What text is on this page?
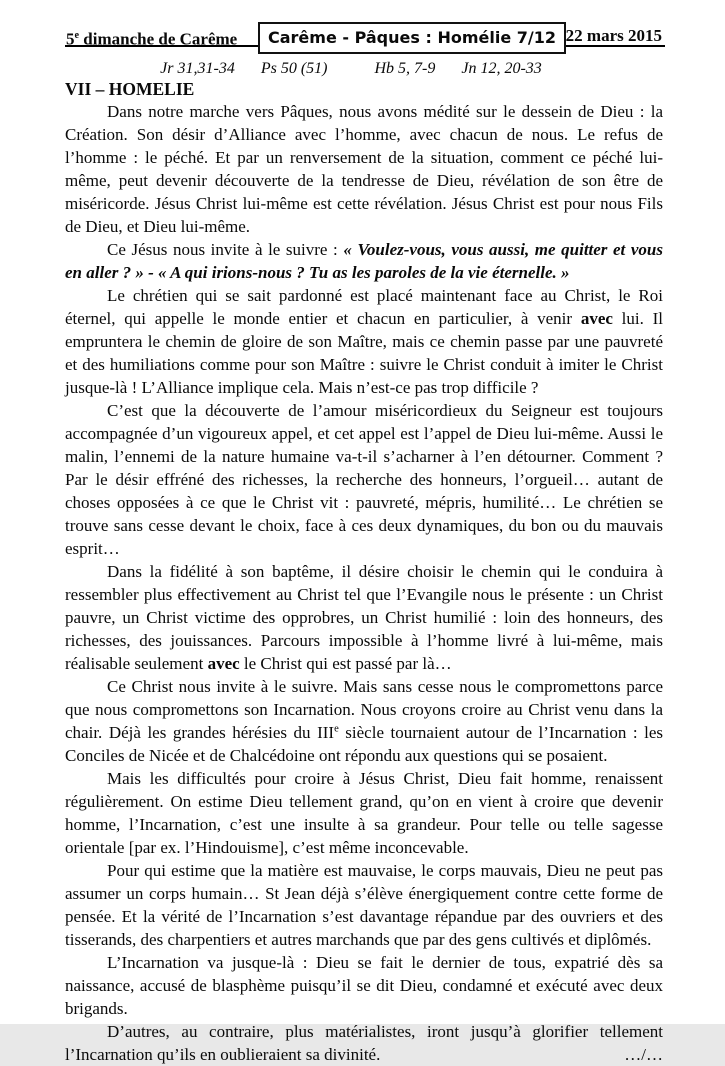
5e dimanche de Carême	Carême - Pâques : Homélie 7/12 22 mars 2015
Jr 31,31-34 Ps 50 (51)	Hb 5, 7-9 Jn 12, 20-33
VII – HOMELIE

Dans notre marche vers Pâques, nous avons médité sur le dessein de Dieu : la Création. Son désir d’Alliance avec l’homme, avec chacun de nous. Le refus de l’homme : le péché. Et par un renversement de la situation, comment ce péché lui-même, peut devenir découverte de la tendresse de Dieu, révélation de son être de miséricorde. Jésus Christ lui-même est cette révélation. Jésus Christ est pour nous Fils de Dieu, et Dieu lui-même.

Ce Jésus nous invite à le suivre : « Voulez-vous, vous aussi, me quitter et vous en aller ? » - « A qui irions-nous ? Tu as les paroles de la vie éternelle. »

Le chrétien qui se sait pardonné est placé maintenant face au Christ, le Roi éternel, qui appelle le monde entier et chacun en particulier, à venir avec lui. Il empruntera le chemin de gloire de son Maître, mais ce chemin passe par une pauvreté et des humiliations comme pour son Maître : suivre le Christ conduit à imiter le Christ jusque-là ! L’Alliance implique cela. Mais n’est-ce pas trop difficile ?

C’est que la découverte de l’amour miséricordieux du Seigneur est toujours accompagnée d’un vigoureux appel, et cet appel est l’appel de Dieu lui-même. Aussi le malin, l’ennemi de la nature humaine va-t-il s’acharner à l’en détourner. Comment ? Par le désir effréné des richesses, la recherche des honneurs, l’orgueil… autant de choses opposées à ce que le Christ vit : pauvreté, mépris, humilité… Le chrétien se trouve sans cesse devant le choix, face à ces deux dynamiques, du bon ou du mauvais esprit…

Dans la fidélité à son baptême, il désire choisir le chemin qui le conduira à ressembler plus effectivement au Christ tel que l’Evangile nous le présente : un Christ pauvre, un Christ victime des opprobres, un Christ humilié : loin des honneurs, des richesses, des jouissances. Parcours impossible à l’homme livré à lui-même, mais réalisable seulement avec le Christ qui est passé par là…

Ce Christ nous invite à le suivre. Mais sans cesse nous le compromettons parce que nous compromettons son Incarnation. Nous croyons croire au Christ venu dans la chair. Déjà les grandes hérésies du IIIe siècle tournaient autour de l’Incarnation : les Conciles de Nicée et de Chalcédoine ont répondu aux questions qui se posaient.

Mais les difficultés pour croire à Jésus Christ, Dieu fait homme, renaissent régulièrement. On estime Dieu tellement grand, qu’on en vient à croire que devenir homme, l’Incarnation, c’est une insulte à sa grandeur. Pour telle ou telle sagesse orientale [par ex. l’Hindouisme], c’est même inconcevable.

Pour qui estime que la matière est mauvaise, le corps mauvais, Dieu ne peut pas assumer un corps humain… St Jean déjà s’élève énergiquement contre cette forme de pensée. Et la vérité de l’Incarnation s’est davantage répandue par des ouvriers et des tisserands, des charpentiers et autres marchands que par des gens cultivés et diplômés.

L’Incarnation va jusque-là : Dieu se fait le dernier de tous, expatrié dès sa naissance, accusé de blasphème puisqu’il se dit Dieu, condamné et exécuté avec deux brigands.

D’autres, au contraire, plus matérialistes, iront jusqu’à glorifier tellement l’Incarnation qu’ils en oublieraient sa divinité.	…/…
